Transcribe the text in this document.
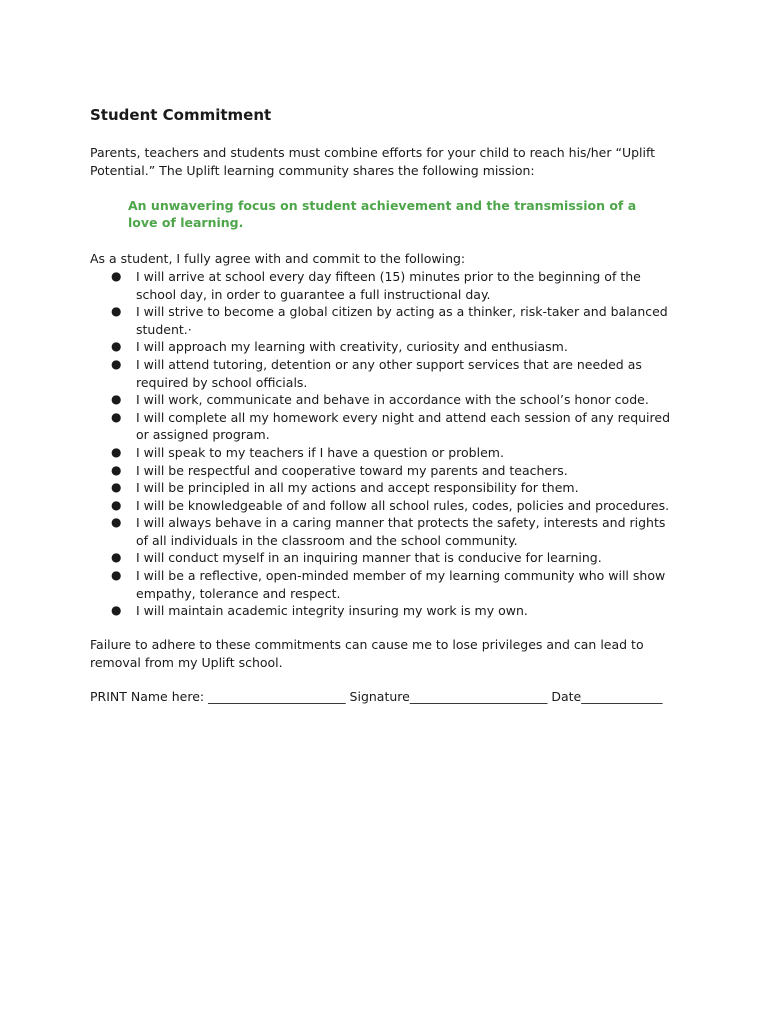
Student Commitment

Parents, teachers and students must combine efforts for your child to reach his/her “Uplift Potential.” The Uplift learning community shares the following mission:

An unwavering focus on student achievement and the transmission of a love of learning.

As a student, I fully agree with and commit to the following:

● I will arrive at school every day fifteen (15) minutes prior to the beginning of the school day, in order to guarantee a full instructional day.
● I will strive to become a global citizen by acting as a thinker, risk-taker and balanced student.·
● I will approach my learning with creativity, curiosity and enthusiasm.
● I will attend tutoring, detention or any other support services that are needed as required by school officials.
● I will work, communicate and behave in accordance with the school’s honor code.
● I will complete all my homework every night and attend each session of any required or assigned program.
● I will speak to my teachers if I have a question or problem.
● I will be respectful and cooperative toward my parents and teachers.
● I will be principled in all my actions and accept responsibility for them.
● I will be knowledgeable of and follow all school rules, codes, policies and procedures.
● I will always behave in a caring manner that protects the safety, interests and rights of all individuals in the classroom and the school community.
● I will conduct myself in an inquiring manner that is conducive for learning.
● I will be a reflective, open-minded member of my learning community who will show empathy, tolerance and respect.
● I will maintain academic integrity insuring my work is my own.

Failure to adhere to these commitments can cause me to lose privileges and can lead to removal from my Uplift school.

PRINT Name here: ______________________ Signature______________________ Date_____________
